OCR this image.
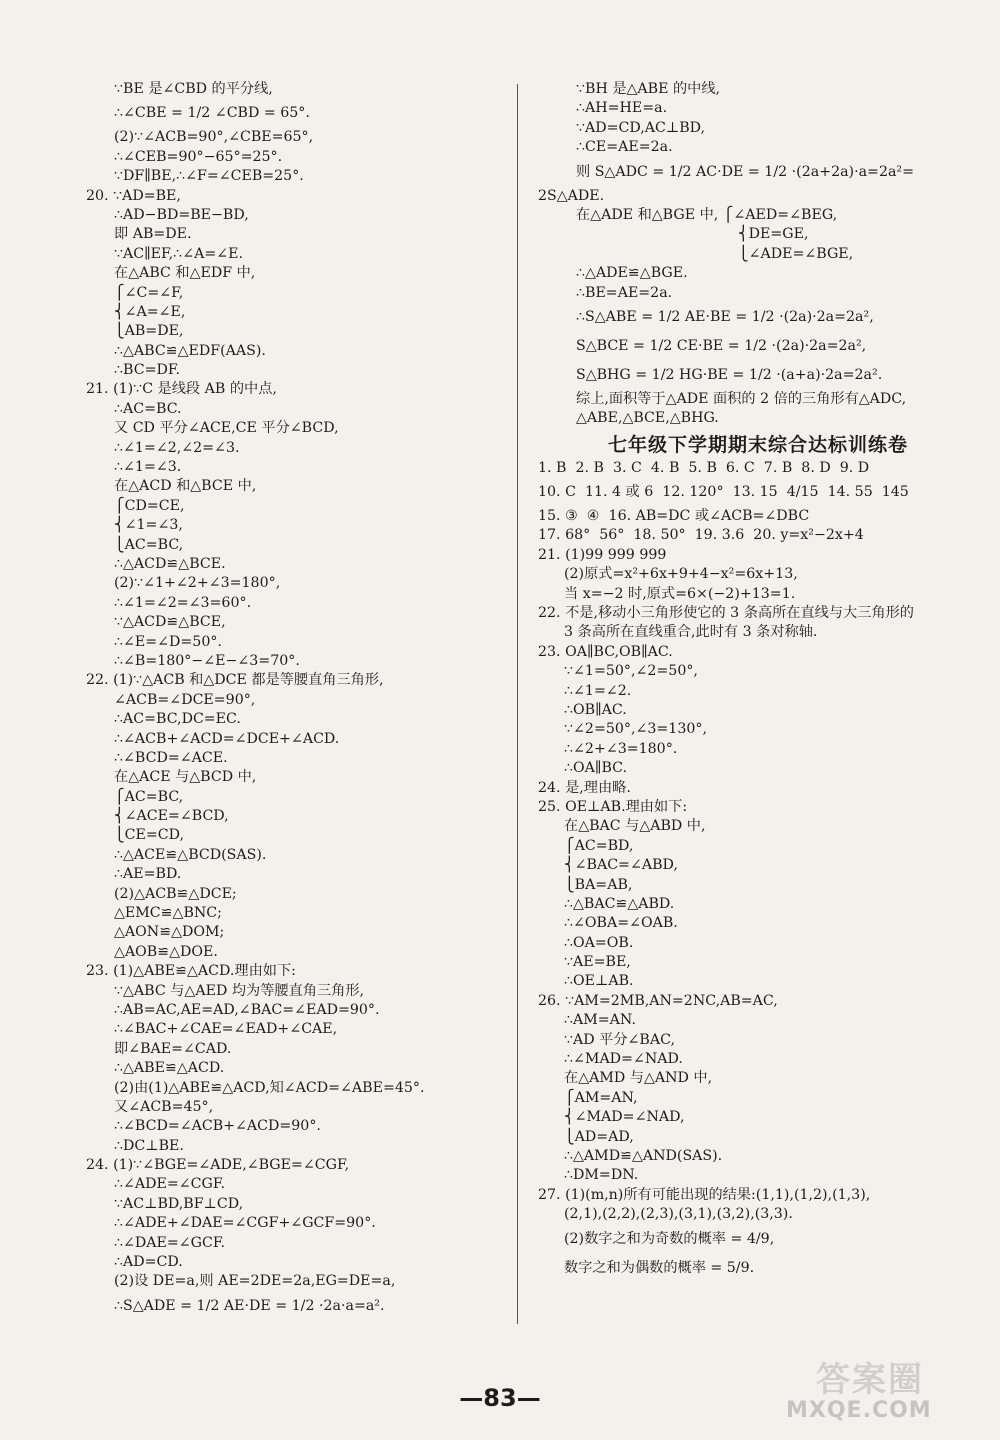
∵BE 是∠CBD 的平分线,
∴∠CBE = 1/2 ∠CBD = 65°.
(2)∵∠ACB=90°,∠CBE=65°,
∴∠CEB=90°−65°=25°.
∵DF∥BE,∴∠F=∠CEB=25°.
20. ∵AD=BE,
∴AD−BD=BE−BD,
即 AB=DE.
∵AC∥EF,∴∠A=∠E.
在△ABC 和△EDF 中,
⎧∠C=∠F,
⎨∠A=∠E,
⎩AB=DE,
∴△ABC≌△EDF(AAS).
∴BC=DF.
21. (1)∵C 是线段 AB 的中点,
∴AC=BC.
又 CD 平分∠ACE,CE 平分∠BCD,
∴∠1=∠2,∠2=∠3.
∴∠1=∠3.
在△ACD 和△BCE 中,
⎧CD=CE,
⎨∠1=∠3,
⎩AC=BC,
∴△ACD≌△BCE.
(2)∵∠1+∠2+∠3=180°,
∴∠1=∠2=∠3=60°.
∵△ACD≌△BCE,
∴∠E=∠D=50°.
∴∠B=180°−∠E−∠3=70°.
22. (1)∵△ACB 和△DCE 都是等腰直角三角形,
∠ACB=∠DCE=90°,
∴AC=BC,DC=EC.
∴∠ACB+∠ACD=∠DCE+∠ACD.
∴∠BCD=∠ACE.
在△ACE 与△BCD 中,
⎧AC=BC,
⎨∠ACE=∠BCD,
⎩CE=CD,
∴△ACE≌△BCD(SAS).
∴AE=BD.
(2)△ACB≌△DCE;
△EMC≌△BNC;
△AON≌△DOM;
△AOB≌△DOE.
23. (1)△ABE≌△ACD.理由如下:
∵△ABC 与△AED 均为等腰直角三角形,
∴AB=AC,AE=AD,∠BAC=∠EAD=90°.
∴∠BAC+∠CAE=∠EAD+∠CAE,
即∠BAE=∠CAD.
∴△ABE≌△ACD.
(2)由(1)△ABE≌△ACD,知∠ACD=∠ABE=45°.
又∠ACB=45°,
∴∠BCD=∠ACB+∠ACD=90°.
∴DC⊥BE.
24. (1)∵∠BGE=∠ADE,∠BGE=∠CGF,
∴∠ADE=∠CGF.
∵AC⊥BD,BF⊥CD,
∴∠ADE+∠DAE=∠CGF+∠GCF=90°.
∴∠DAE=∠GCF.
∴AD=CD.
(2)设 DE=a,则 AE=2DE=2a,EG=DE=a,
∴S△ADE = 1/2 AE·DE = 1/2 ·2a·a=a².
∵BH 是△ABE 的中线,
∴AH=HE=a.
∵AD=CD,AC⊥BD,
∴CE=AE=2a.
则 S△ADC = 1/2 AC·DE = 1/2 ·(2a+2a)·a=2a²=
2S△ADE.
在△ADE 和△BGE 中, ⎧∠AED=∠BEG,
⎨DE=GE,
⎩∠ADE=∠BGE,
∴△ADE≌△BGE.
∴BE=AE=2a.
∴S△ABE = 1/2 AE·BE = 1/2 ·(2a)·2a=2a²,
S△BCE = 1/2 CE·BE = 1/2 ·(2a)·2a=2a²,
S△BHG = 1/2 HG·BE = 1/2 ·(a+a)·2a=2a².
综上,面积等于△ADE 面积的 2 倍的三角形有△ADC,
△ABE,△BCE,△BHG.
七年级下学期期末综合达标训练卷
1. B  2. B  3. C  4. B  5. B  6. C  7. B  8. D  9. D
10. C  11. 4 或 6  12. 120°  13. 15  4/15  14. 55  145
15. ③  ④  16. AB=DC 或∠ACB=∠DBC
17. 68°  56°  18. 50°  19. 3.6  20. y=x²−2x+4
21. (1)99 999 999
(2)原式=x²+6x+9+4−x²=6x+13,
当 x=−2 时,原式=6×(−2)+13=1.
22. 不是,移动小三角形使它的 3 条高所在直线与大三角形的
3 条高所在直线重合,此时有 3 条对称轴.
23. OA∥BC,OB∥AC.
∵∠1=50°,∠2=50°,
∴∠1=∠2.
∴OB∥AC.
∵∠2=50°,∠3=130°,
∴∠2+∠3=180°.
∴OA∥BC.
24. 是,理由略.
25. OE⊥AB.理由如下:
在△BAC 与△ABD 中,
⎧AC=BD,
⎨∠BAC=∠ABD,
⎩BA=AB,
∴△BAC≌△ABD.
∴∠OBA=∠OAB.
∴OA=OB.
∵AE=BE,
∴OE⊥AB.
26. ∵AM=2MB,AN=2NC,AB=AC,
∴AM=AN.
∵AD 平分∠BAC,
∴∠MAD=∠NAD.
在△AMD 与△AND 中,
⎧AM=AN,
⎨∠MAD=∠NAD,
⎩AD=AD,
∴△AMD≌△AND(SAS).
∴DM=DN.
27. (1)(m,n)所有可能出现的结果:(1,1),(1,2),(1,3),
(2,1),(2,2),(2,3),(3,1),(3,2),(3,3).
(2)数字之和为奇数的概率 = 4/9,
数字之和为偶数的概率 = 5/9.
—83—	答案圈
MXQE.COM
